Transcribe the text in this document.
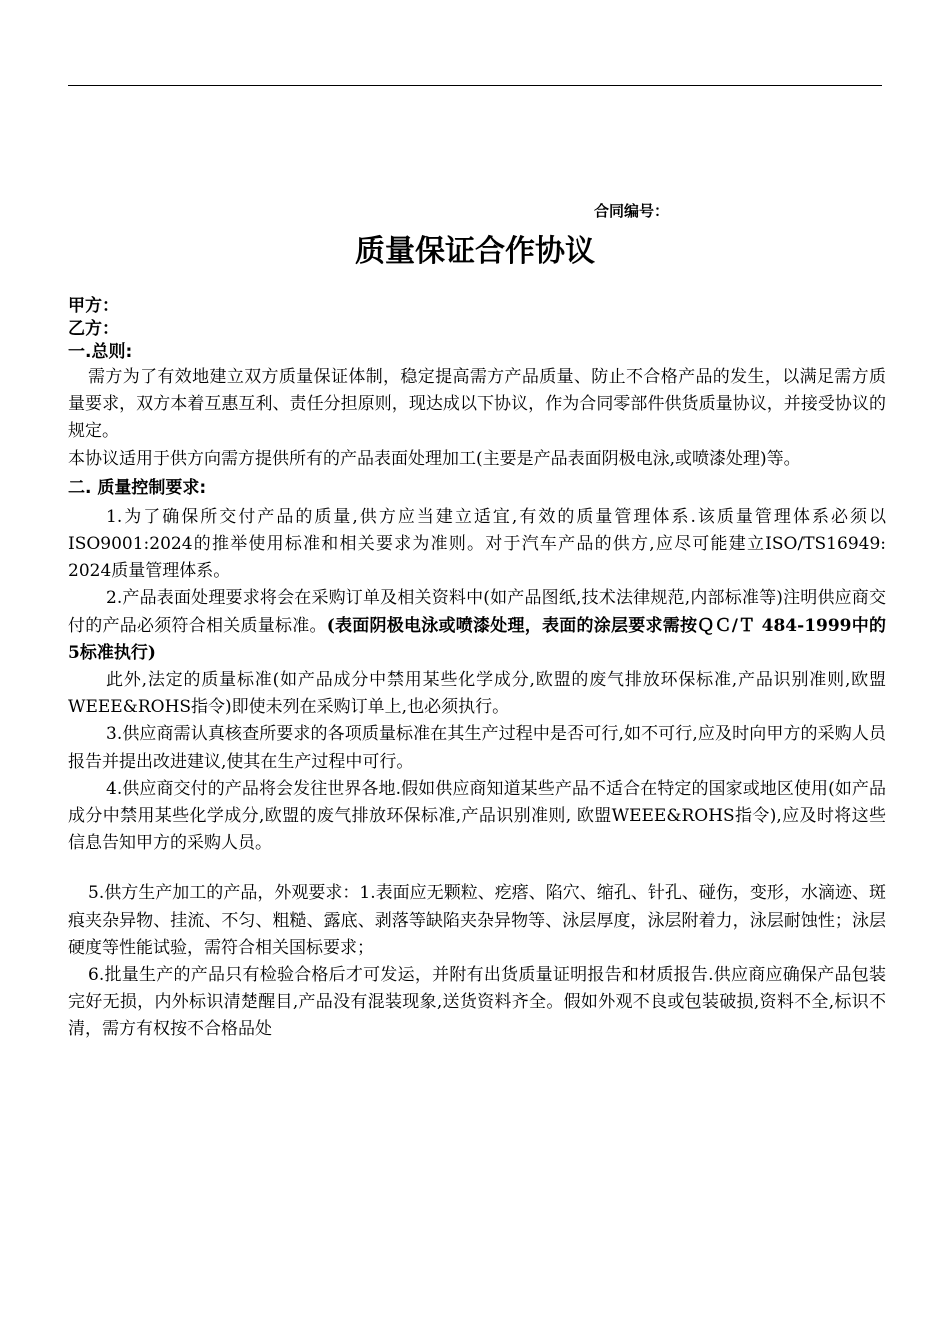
合同编号：
质量保证合作协议
甲方：
乙方：
一.总则:

需方为了有效地建立双方质量保证体制，稳定提高需方产品质量、防止不合格产品的发生，以满足需方质量要求，双方本着互惠互利、责任分担原则，现达成以下协议，作为合同零部件供货质量协议，并接受协议的规定。

本协议适用于供方向需方提供所有的产品表面处理加工(主要是产品表面阴极电泳,或喷漆处理)等。

二. 质量控制要求:

1.为了确保所交付产品的质量,供方应当建立适宜,有效的质量管理体系.该质量管理体系必须以ISO9001:2024的推举使用标准和相关要求为准则。对于汽车产品的供方,应尽可能建立ISO/TS16949: 2024质量管理体系。

2.产品表面处理要求将会在采购订单及相关资料中(如产品图纸,技术法律规范,内部标准等)注明供应商交付的产品必须符合相关质量标准。(表面阴极电泳或喷漆处理，表面的涂层要求需按ＱＣ/Ｔ 484-1999中的5标准执行)

此外,法定的质量标准(如产品成分中禁用某些化学成分,欧盟的废气排放环保标准,产品识别准则,欧盟WEEE&ROHS指令)即使未列在采购订单上,也必须执行。

3.供应商需认真核查所要求的各项质量标准在其生产过程中是否可行,如不可行,应及时向甲方的采购人员报告并提出改进建议,使其在生产过程中可行。

4.供应商交付的产品将会发往世界各地.假如供应商知道某些产品不适合在特定的国家或地区使用(如产品成分中禁用某些化学成分,欧盟的废气排放环保标准,产品识别准则, 欧盟WEEE&ROHS指令),应及时将这些信息告知甲方的采购人员。

5.供方生产加工的产品，外观要求：1.表面应无颗粒、疙瘩、陷穴、缩孔、针孔、碰伤，变形，水滴迹、斑痕夹杂异物、挂流、不匀、粗糙、露底、剥落等缺陷夹杂异物等、泳层厚度，泳层附着力，泳层耐蚀性；泳层硬度等性能试验，需符合相关国标要求；

6.批量生产的产品只有检验合格后才可发运，并附有出货质量证明报告和材质报告.供应商应确保产品包装完好无损，内外标识清楚醒目,产品没有混装现象,送货资料齐全。假如外观不良或包装破损,资料不全,标识不清，需方有权按不合格品处
